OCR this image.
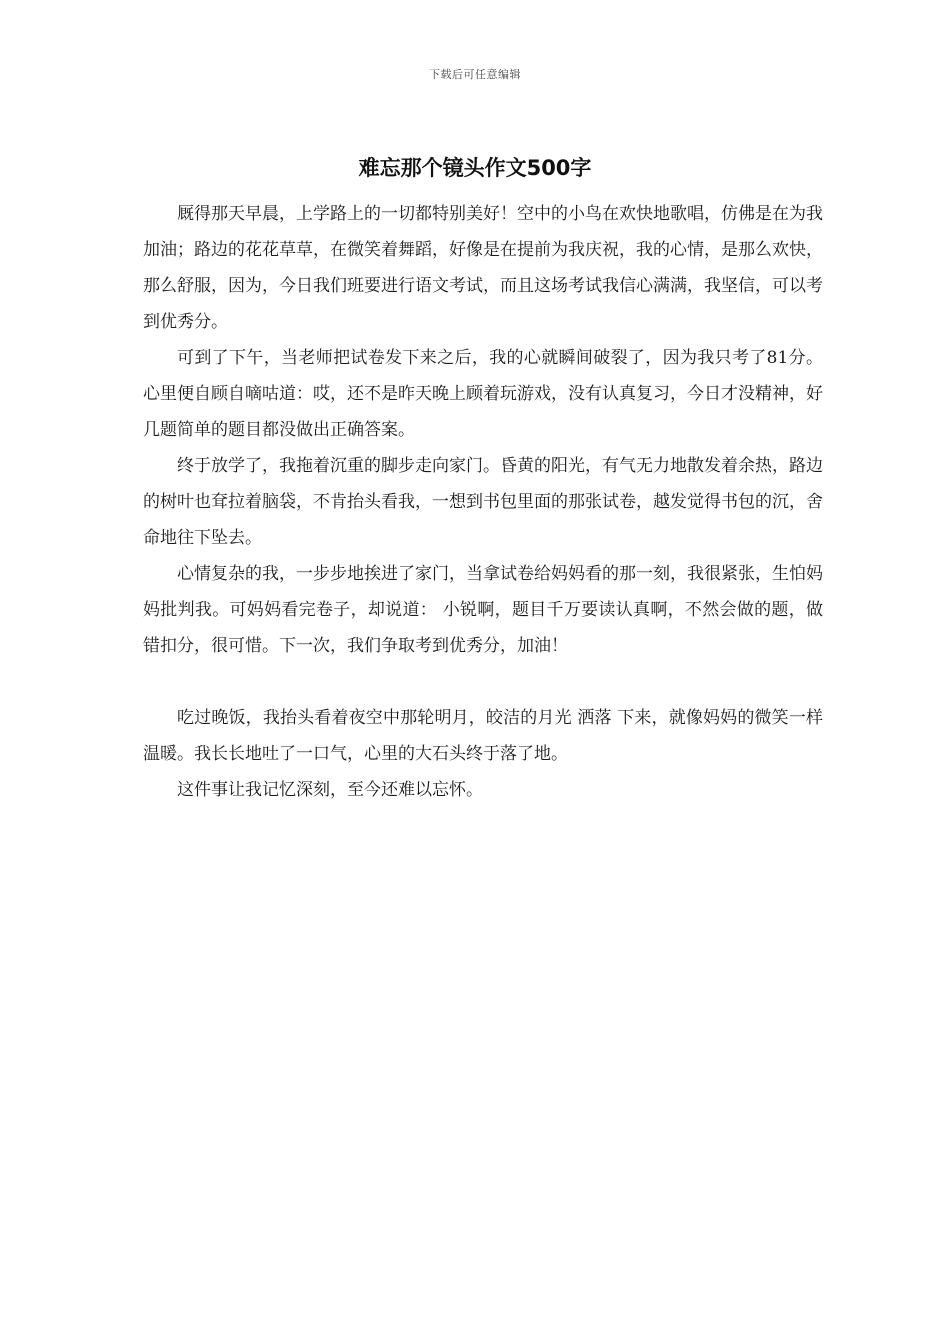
下载后可任意编辑
难忘那个镜头作文500字

厩得那天早晨，上学路上的一切都特别美好！空中的小鸟在欢快地歌唱，仿佛是在为我加油；路边的花花草草，在微笑着舞蹈，好像是在提前为我庆祝，我的心情，是那么欢快，那么舒服，因为，今日我们班要进行语文考试，而且这场考试我信心满满，我坚信，可以考到优秀分。

可到了下午，当老师把试卷发下来之后，我的心就瞬间破裂了，因为我只考了81分。心里便自顾自嘀咕道：哎，还不是昨天晚上顾着玩游戏，没有认真复习，今日才没精神，好几题简单的题目都没做出正确答案。

终于放学了，我拖着沉重的脚步走向家门。昏黄的阳光，有气无力地散发着余热，路边的树叶也耷拉着脑袋，不肯抬头看我，一想到书包里面的那张试卷，越发觉得书包的沉，舍命地往下坠去。

心情复杂的我，一步步地挨进了家门，当拿试卷给妈妈看的那一刻，我很紧张，生怕妈妈批判我。可妈妈看完卷子，却说道： 小锐啊，题目千万要读认真啊，不然会做的题，做错扣分，很可惜。下一次，我们争取考到优秀分，加油！

吃过晚饭，我抬头看着夜空中那轮明月，皎洁的月光 洒落 下来，就像妈妈的微笑一样温暖。我长长地吐了一口气，心里的大石头终于落了地。

这件事让我记忆深刻，至今还难以忘怀。
